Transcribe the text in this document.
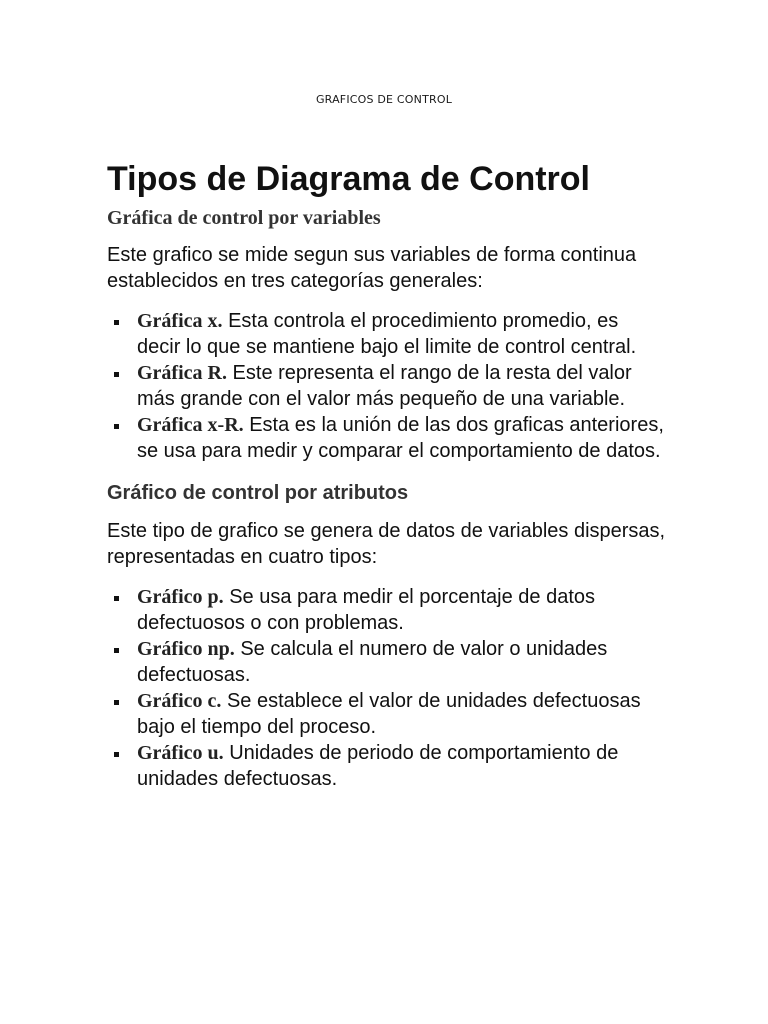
GRAFICOS DE CONTROL
Tipos de Diagrama de Control
Gráfica de control por variables

Este grafico se mide segun sus variables de forma continua establecidos en tres categorías generales:

Gráfica x. Esta controla el procedimiento promedio, es decir lo que se mantiene bajo el limite de control central.
Gráfica R. Este representa el rango de la resta del valor más grande con el valor más pequeño de una variable.
Gráfica x-R. Esta es la unión de las dos graficas anteriores, se usa para medir y comparar el comportamiento de datos.
Gráfico de control por atributos

Este tipo de grafico se genera de datos de variables dispersas, representadas en cuatro tipos:

Gráfico p. Se usa para medir el porcentaje de datos defectuosos o con problemas.
Gráfico np. Se calcula el numero de valor o unidades defectuosas.
Gráfico c. Se establece el valor de unidades defectuosas bajo el tiempo del proceso.
Gráfico u. Unidades de periodo de comportamiento de unidades defectuosas.
